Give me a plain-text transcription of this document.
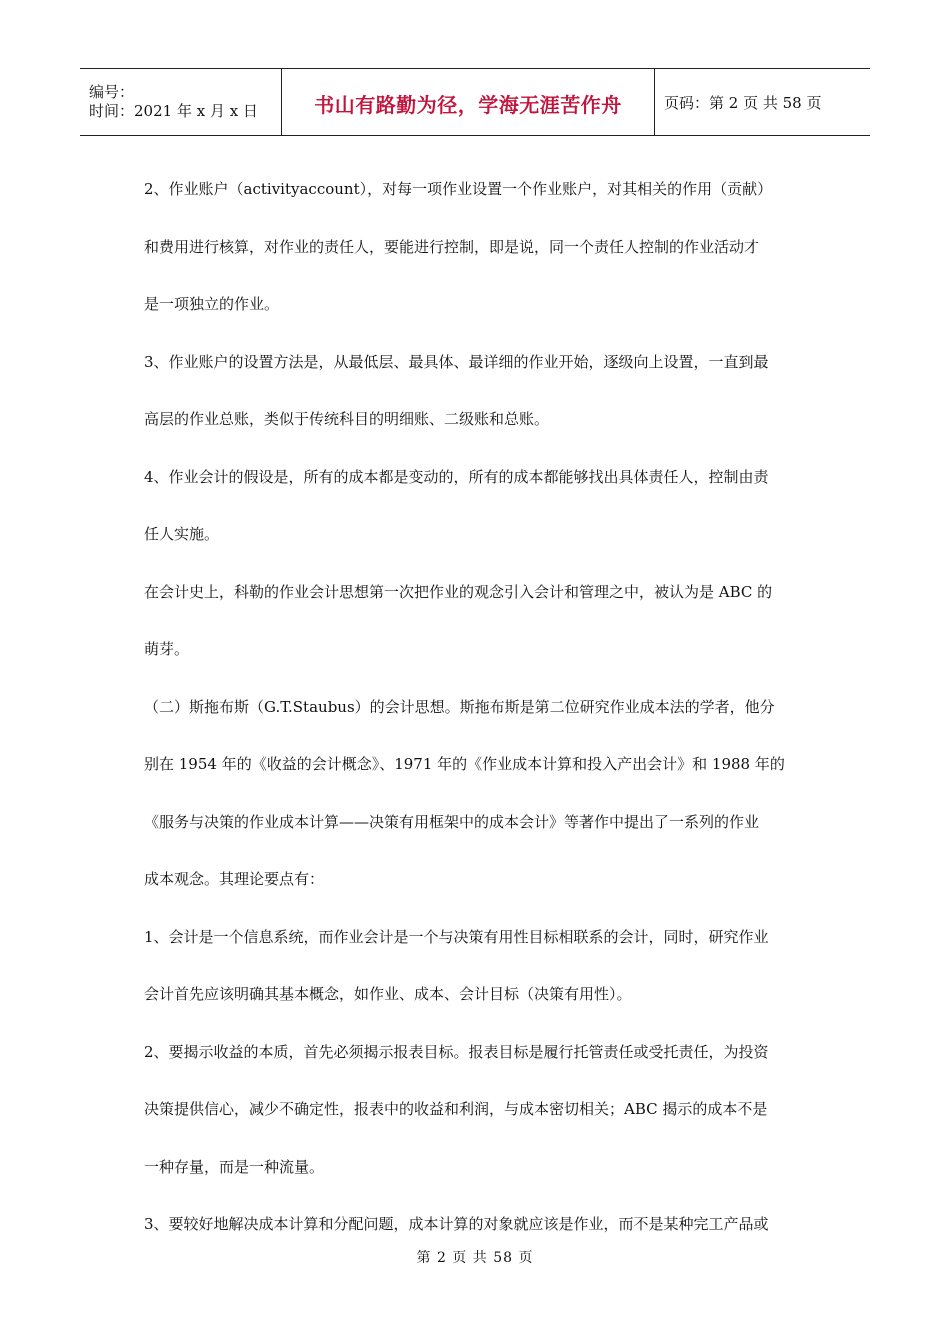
编号：
时间：2021 年 x 月 x 日	书山有路勤为径，学海无涯苦作舟	页码：第 2 页 共 58 页

2、作业账户（activityaccount），对每一项作业设置一个作业账户，对其相关的作用（贡献）

和费用进行核算，对作业的责任人，要能进行控制，即是说，同一个责任人控制的作业活动才

是一项独立的作业。

3、作业账户的设置方法是，从最低层、最具体、最详细的作业开始，逐级向上设置，一直到最

高层的作业总账，类似于传统科目的明细账、二级账和总账。

4、作业会计的假设是，所有的成本都是变动的，所有的成本都能够找出具体责任人，控制由责

任人实施。

在会计史上，科勒的作业会计思想第一次把作业的观念引入会计和管理之中，被认为是 ABC 的

萌芽。

（二）斯拖布斯（G.T.Staubus）的会计思想。斯拖布斯是第二位研究作业成本法的学者，他分

别在 1954 年的《收益的会计概念》、1971 年的《作业成本计算和投入产出会计》和 1988 年的

《服务与决策的作业成本计算——决策有用框架中的成本会计》等著作中提出了一系列的作业

成本观念。其理论要点有：

1、会计是一个信息系统，而作业会计是一个与决策有用性目标相联系的会计，同时，研究作业

会计首先应该明确其基本概念，如作业、成本、会计目标（决策有用性）。

2、要揭示收益的本质，首先必须揭示报表目标。报表目标是履行托管责任或受托责任，为投资

决策提供信心，减少不确定性，报表中的收益和利润，与成本密切相关；ABC 揭示的成本不是

一种存量，而是一种流量。

3、要较好地解决成本计算和分配问题，成本计算的对象就应该是作业，而不是某种完工产品或

第 2 页 共 58 页
